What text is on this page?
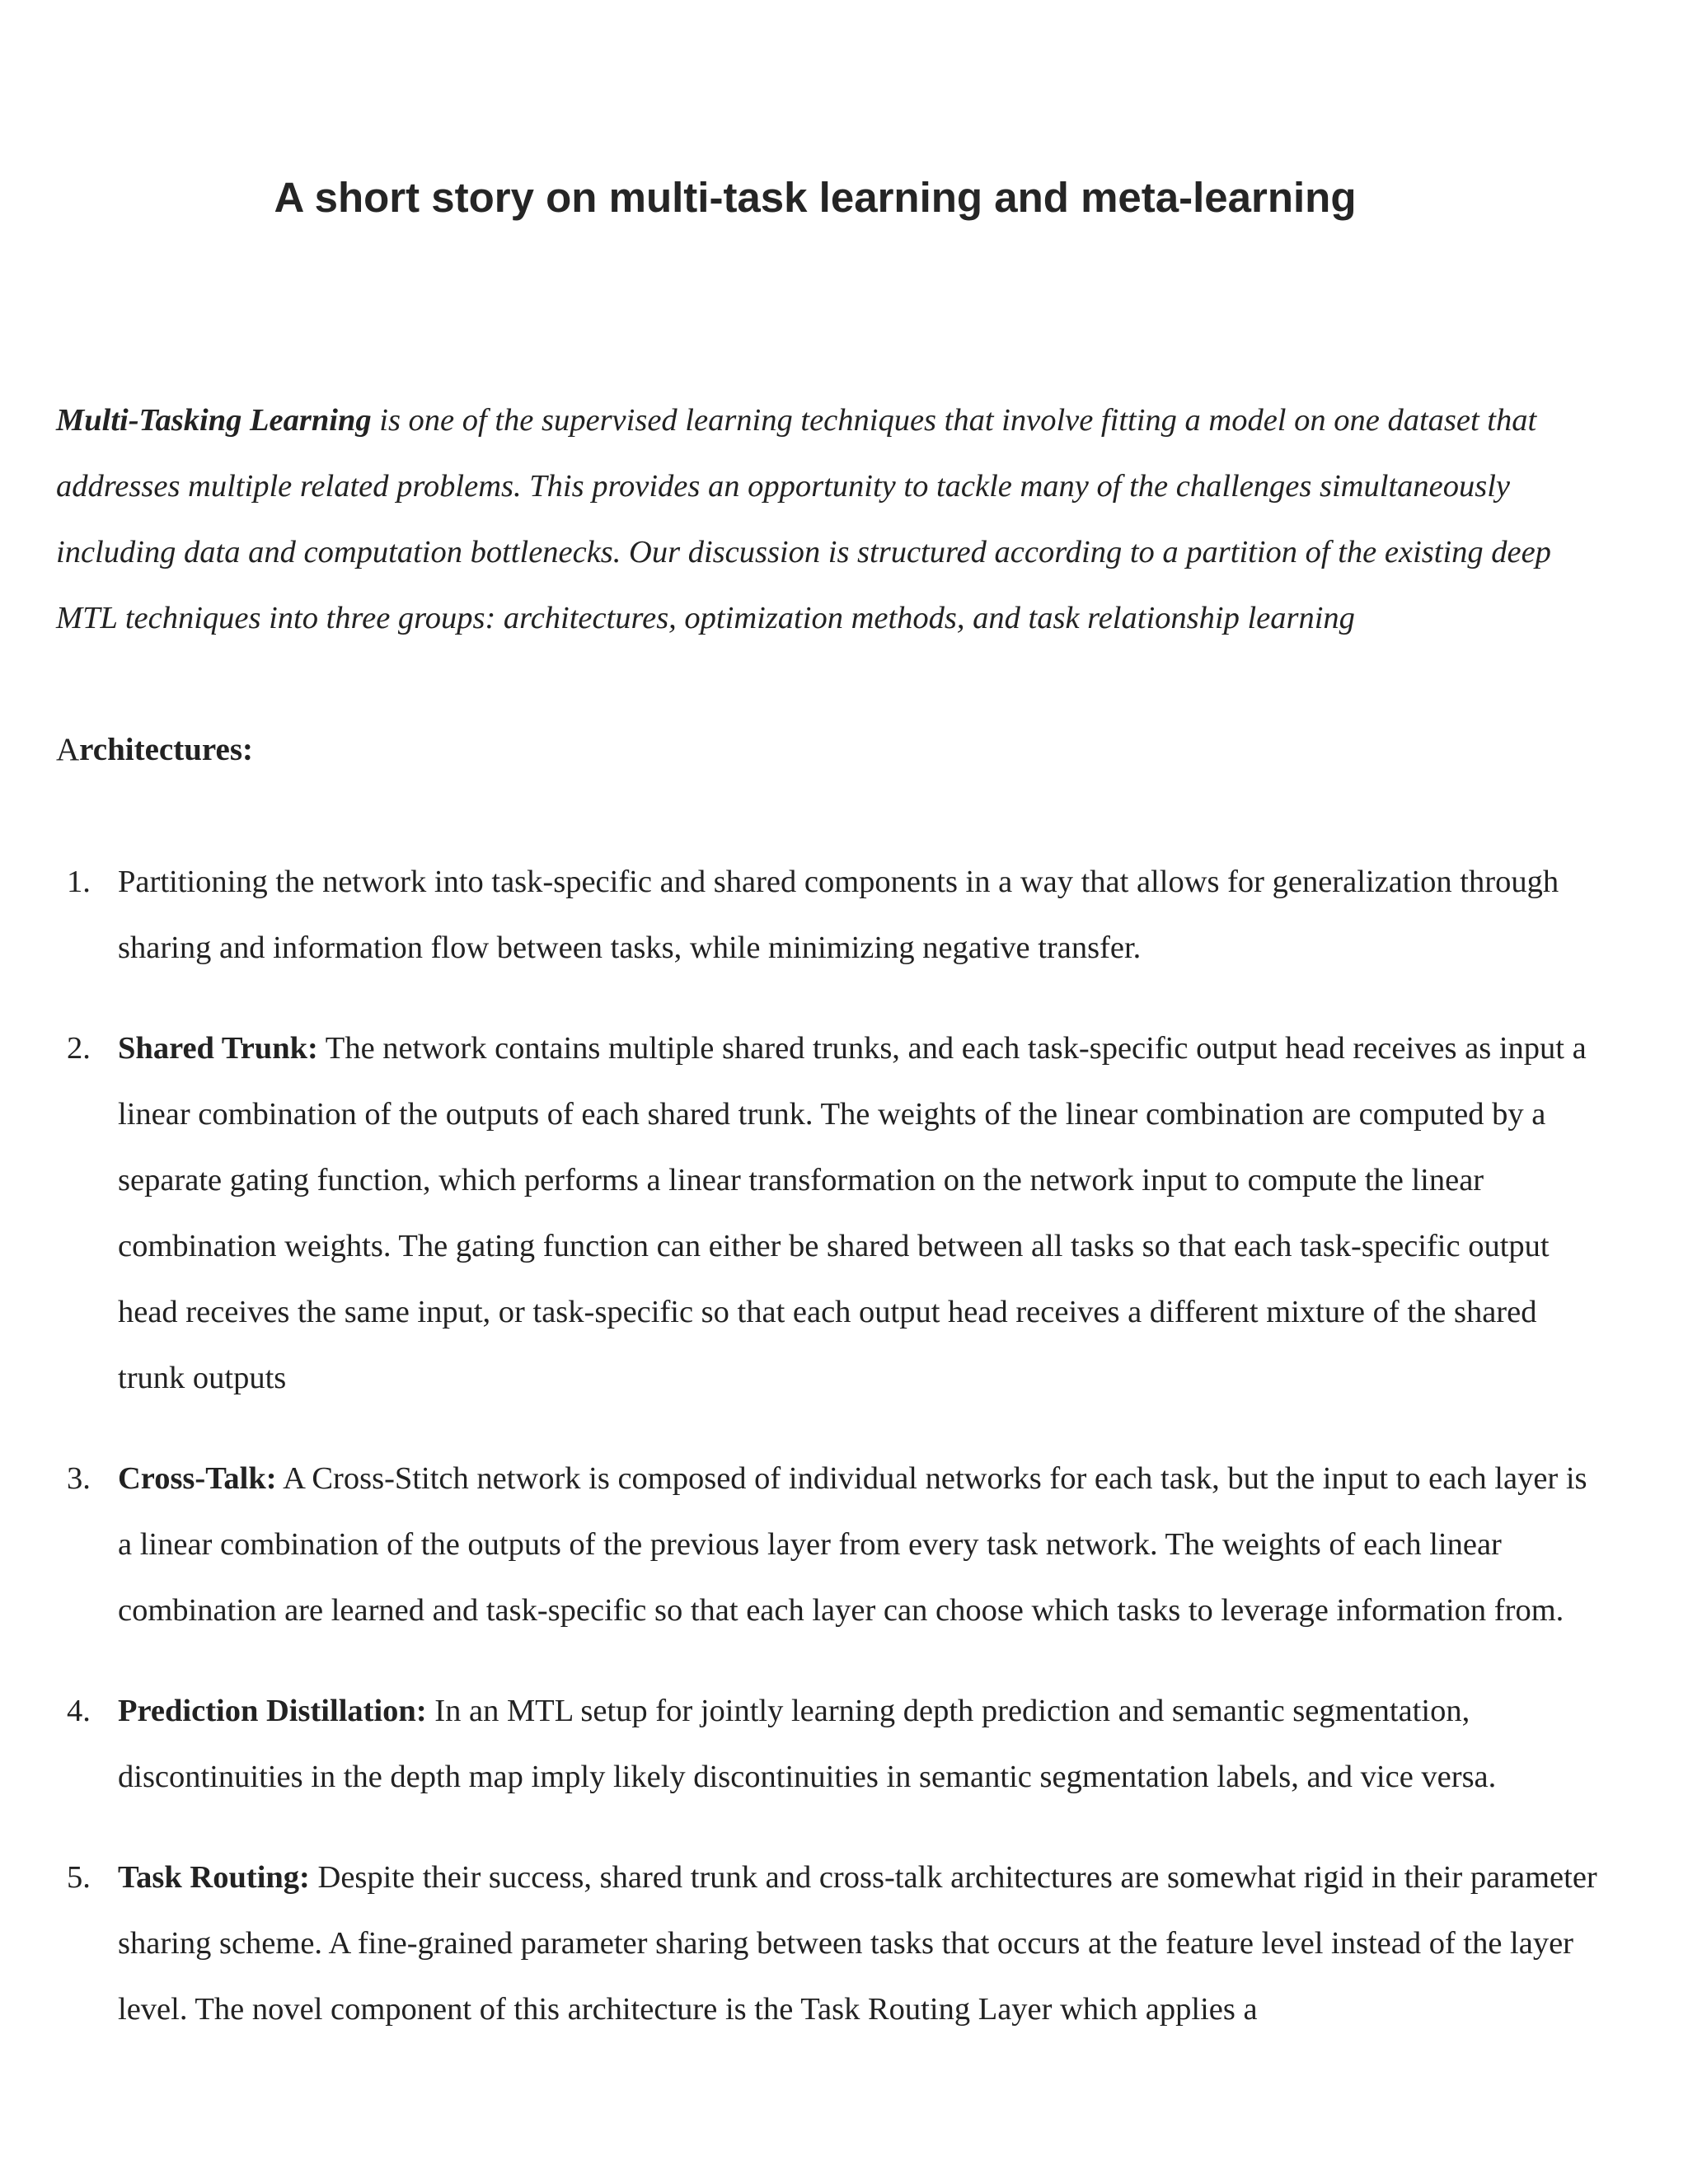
A short story on multi-task learning and meta-learning

Multi-Tasking Learning is one of the supervised learning techniques that involve fitting a model on one dataset that addresses multiple related problems. This provides an opportunity to tackle many of the challenges simultaneously including data and computation bottlenecks. Our discussion is structured according to a partition of the existing deep MTL techniques into three groups: architectures, optimization methods, and task relationship learning

Architectures:
1. Partitioning the network into task-specific and shared components in a way that allows for generalization through sharing and information flow between tasks, while minimizing negative transfer.
2. Shared Trunk: The network contains multiple shared trunks, and each task-specific output head receives as input a linear combination of the outputs of each shared trunk. The weights of the linear combination are computed by a separate gating function, which performs a linear transformation on the network input to compute the linear combination weights. The gating function can either be shared between all tasks so that each task-specific output head receives the same input, or task-specific so that each output head receives a different mixture of the shared trunk outputs
3. Cross-Talk: A Cross-Stitch network is composed of individual networks for each task, but the input to each layer is a linear combination of the outputs of the previous layer from every task network. The weights of each linear combination are learned and task-specific so that each layer can choose which tasks to leverage information from.
4. Prediction Distillation: In an MTL setup for jointly learning depth prediction and semantic segmentation, discontinuities in the depth map imply likely discontinuities in semantic segmentation labels, and vice versa.
5. Task Routing: Despite their success, shared trunk and cross-talk architectures are somewhat rigid in their parameter sharing scheme. A fine-grained parameter sharing between tasks that occurs at the feature level instead of the layer level. The novel component of this architecture is the Task Routing Layer which applies a
